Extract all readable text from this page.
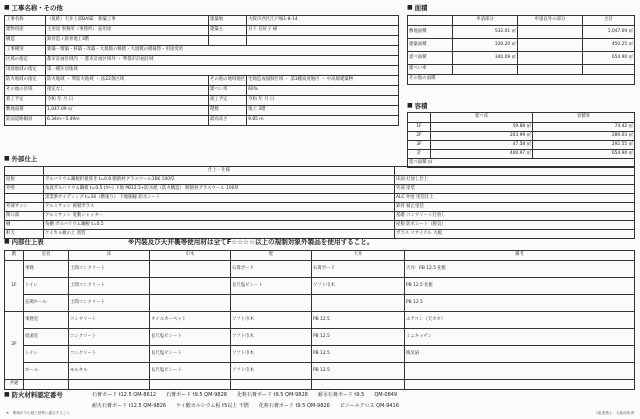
■ 工事名称・その他
工事名称	（仮称）天井上部BASE　新築工事	建築地	大阪市西区江戸堀1-8-14
建物用途	主用途 事務所（事務所） 従用途	建築主	日下 信好子 様
構造	鉄骨造 / 鉄骨地上3階		
工事種別	新築・増築・移築・改築・大規模の修繕・大規模の模様替・用途変更		
区域の指定	都市計画区域内 ・ 都市計画区域外 ・ 準都市計画区域		
用途地域の指定	第一種住居地域		
防火地域の指定	防火地域 ・ 準防火地域 ・ 法22条区域	その他の地域地区	宅地造成規制区域 ・ 第3種高度地区 ・ 中高層建築物
その他の区域	指定なし	建ぺい率	60%
着工予定	令和 年 月 日	竣工予定	令和 年 月 日
敷地面積	1,047.09 ㎡	階数	地上 3階
前面道路幅員	6.34m〜5.49m	最高高さ	9.85 m
■ 面積
	申請部分	申請以外の部分	合計
敷地面積	532.01 ㎡		1,047.09 ㎡
建築面積	330.20 ㎡		450.25 ㎡
延べ面積	340.09 ㎡		654.90 ㎡
建ぺい率			
その他の面積			
■ 容積
	延べ床	容積率
1F	59.88 ㎡	74.42 ㎡
2F	203.99 ㎡	289.03 ㎡
3F	47.58 ㎡	292.55 ㎡
計	400.97 ㎡	654.90 ㎡
延べ面積 ㎡		
■ 外部仕上
	仕上・仕様	
屋根	ガルバリウム鋼板折板葺き t=0.6 断熱材グラスウール16K 100厚	床面 打放し仕上
外壁	角波ガルバリウム鋼板 t=0.5 (ｶﾗｰ) 下地 PB12.5+防水紙（防火構造） 断熱材グラスウール 100厚	外部 塗装
	窯業系サイディング t=16（横張り） 下地胴縁 防水シート	ALC 外壁 塗装仕上
外部サッシ	アルミサッシ 複層ガラス	鉄骨 錆止塗装
関口部	アルミサッシ 電動シャッター	基礎 コンクリート打放し
樋	角樋 ガルバリウム鋼板 t=0.5	屋根 防水シート（脱気）
軒天	ケイカル板の上 塗装	ガラス リサイクル 大板
■ 内部仕上表	※内装及び天井裏等使用材は全てF☆☆☆☆以上の規制対象外製品を使用すること。
階	室名	床	巾木	壁	天井	備考
1F	事務	土間コンクリート		石膏ボード	石膏ボード	天井：PB 12.5 化粧
	トイレ	土間コンクリート		長尺塩ビシート	ソフト巾木	PB 12.5 化粧
	玄関ホール	土間コンクリート				PB 12.5
2F	事務室	コンクリート	タイルカーペット	ソフト巾木	PB 12.5	エアコン（天カセ）
	給湯室	コンクリート	長尺塩ビシート	ソフト巾木	PB 12.5	ミニキッチン
	トイレ	コンクリート	長尺塩ビシート	ソフト巾木	PB 12.5	換気扇
	ホール	モルタル	長尺塩ビシート	ソフト巾木	PB 12.5	
共通						
■ 防火材料認定番号	石膏ボード t12.5 QM-8612 石膏ボード t9.5 QM-9828 化粧石膏ボード t9.5 QM-9828 耐水石膏ボード t9.5 QM-0849
耐火石膏ボード t12.5 QM-9826 ケイ酸カルシウム板 t5以上 不燃 化粧石膏ボード t9.5 QM-9826 ビニールクロス QM-9416
1級建築士　大阪府知事
※　関係法令の施工基準に適合すること
